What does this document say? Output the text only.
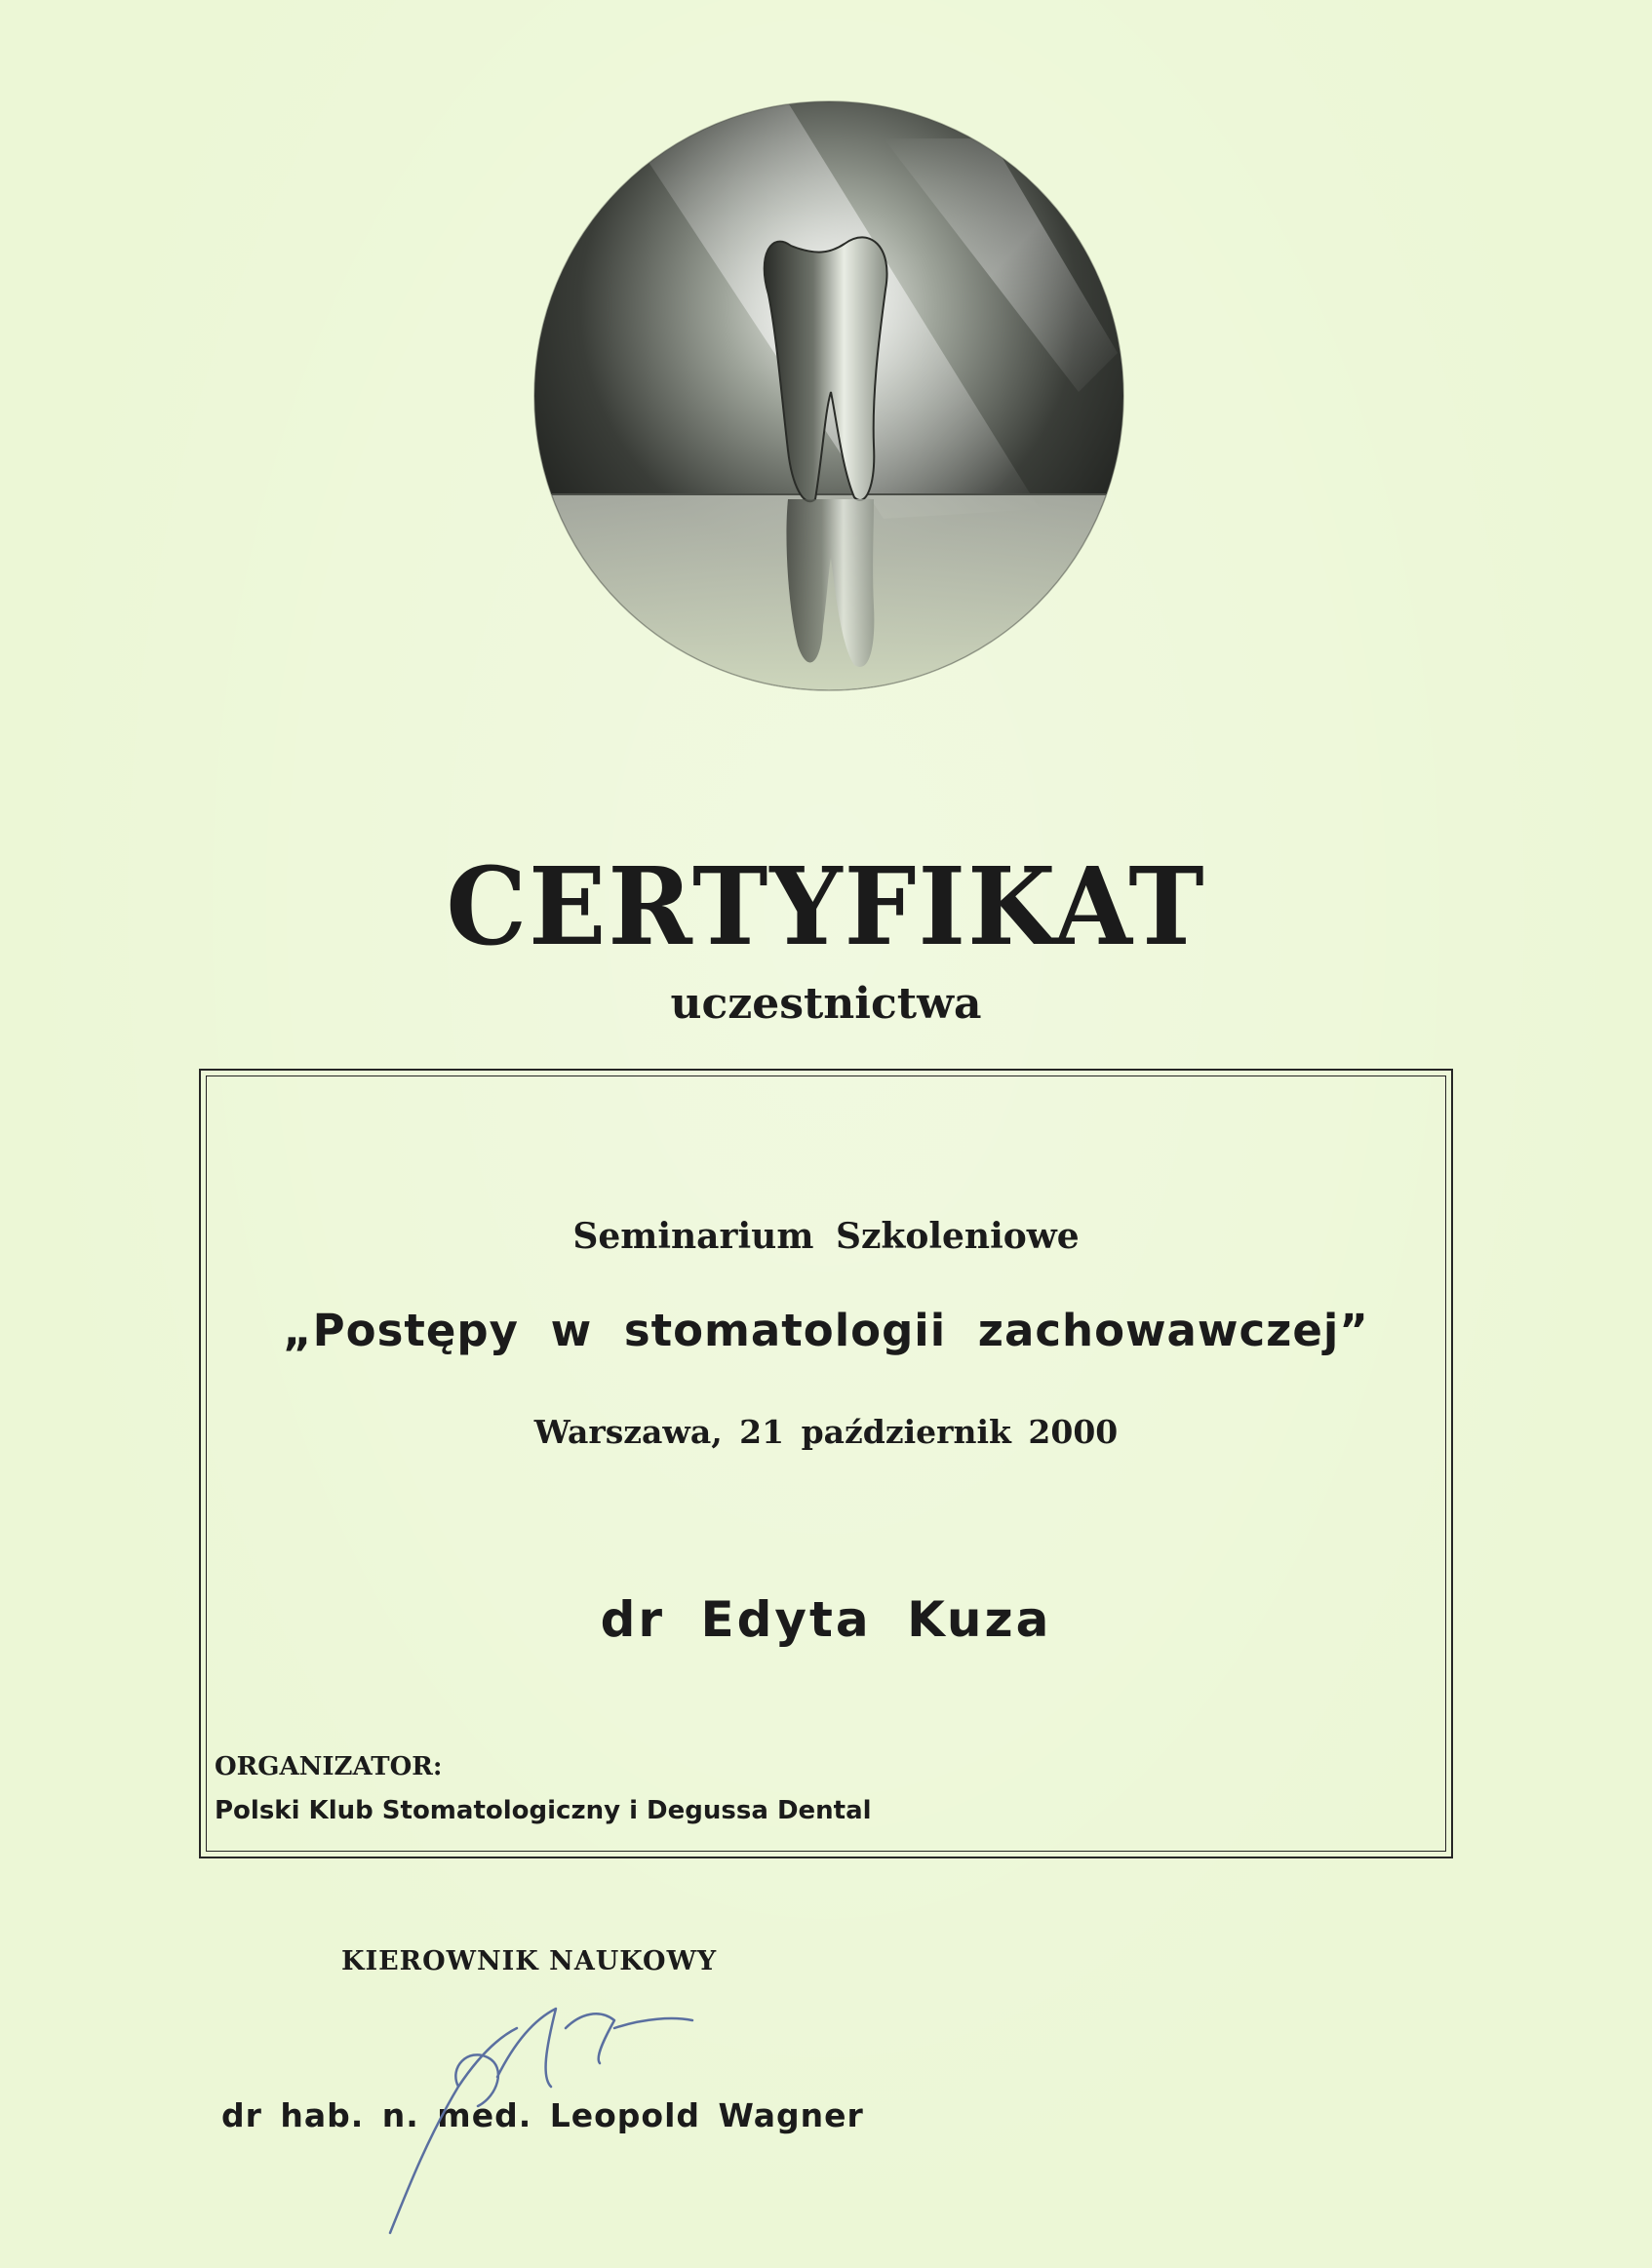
CERTYFIKAT
uczestnictwa
Seminarium Szkoleniowe
„Postępy w stomatologii zachowawczej”
Warszawa, 21 październik 2000
dr Edyta Kuza
ORGANIZATOR:
Polski Klub Stomatologiczny i Degussa Dental
KIEROWNIK NAUKOWY
dr hab. n. med. Leopold Wagner
